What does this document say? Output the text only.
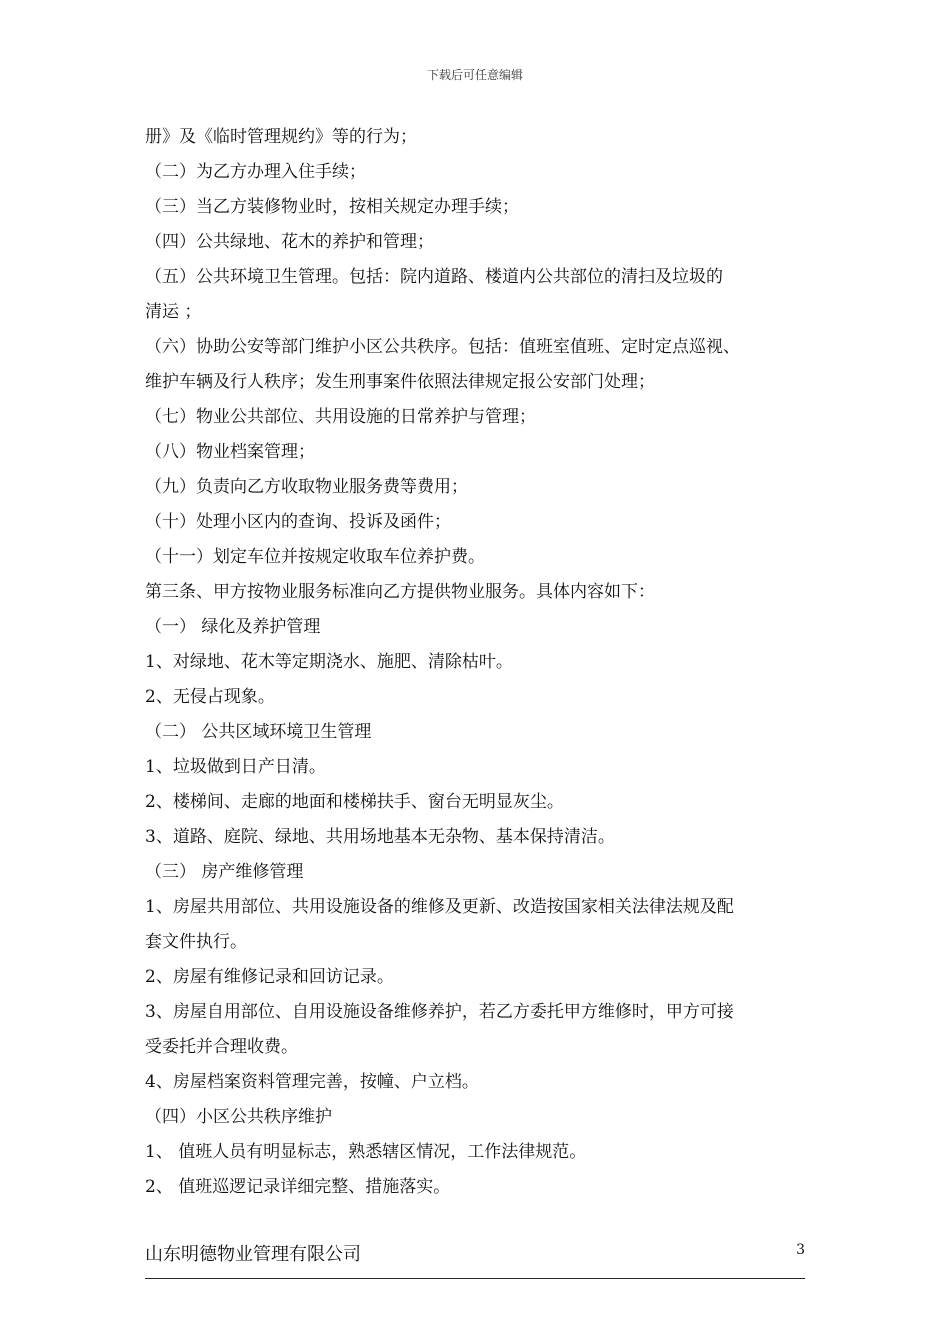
下载后可任意编辑
册》及《临时管理规约》等的行为；
（二）为乙方办理入住手续；
（三）当乙方装修物业时，按相关规定办理手续；
（四）公共绿地、花木的养护和管理；
（五）公共环境卫生管理。包括：院内道路、楼道内公共部位的清扫及垃圾的
清运 ；
（六）协助公安等部门维护小区公共秩序。包括：值班室值班、定时定点巡视、
维护车辆及行人秩序；发生刑事案件依照法律规定报公安部门处理；
（七）物业公共部位、共用设施的日常养护与管理；
（八）物业档案管理；
（九）负责向乙方收取物业服务费等费用；
（十）处理小区内的查询、投诉及函件；
（十一）划定车位并按规定收取车位养护费。
第三条、甲方按物业服务标准向乙方提供物业服务。具体内容如下：
（一） 绿化及养护管理
1、对绿地、花木等定期浇水、施肥、清除枯叶。
2、无侵占现象。
（二） 公共区域环境卫生管理
1、垃圾做到日产日清。
2、楼梯间、走廊的地面和楼梯扶手、窗台无明显灰尘。
3、道路、庭院、绿地、共用场地基本无杂物、基本保持清洁。
（三） 房产维修管理
1、房屋共用部位、共用设施设备的维修及更新、改造按国家相关法律法规及配
套文件执行。
2、房屋有维修记录和回访记录。
3、房屋自用部位、自用设施设备维修养护，若乙方委托甲方维修时，甲方可接
受委托并合理收费。
4、房屋档案资料管理完善，按幢、户立档。
（四）小区公共秩序维护
1、 值班人员有明显标志，熟悉辖区情况，工作法律规范。
2、 值班巡逻记录详细完整、措施落实。
山东明德物业管理有限公司	3
